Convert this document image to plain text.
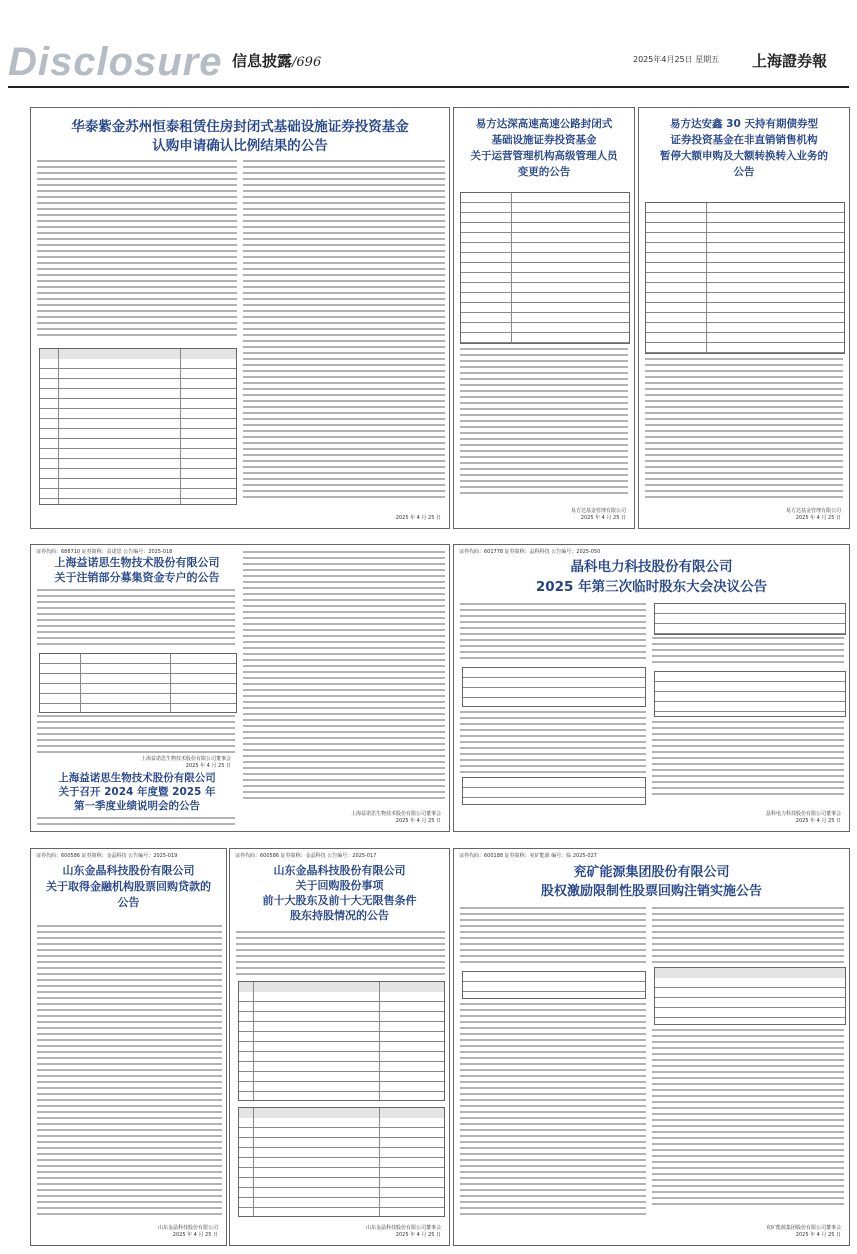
Disclosure 信息披露/696	2025年4月25日 星期五 上海證券報
华泰紫金苏州恒泰租赁住房封闭式基础设施证券投资基金
认购申请确认比例结果的公告
2025 年 4 月 25 日
易方达深高速高速公路封闭式
基础设施证券投资基金
关于运营管理机构高级管理人员
变更的公告
易方达基金管理有限公司
2025 年 4 月 25 日
易方达安鑫 30 天持有期债券型
证券投资基金在非直销销售机构
暂停大额申购及大额转换转入业务的
公告
易方达基金管理有限公司
2025 年 4 月 25 日
证券代码：688710 证券简称：益诺思 公告编号：2025-018
上海益诺思生物技术股份有限公司
关于注销部分募集资金专户的公告
上海益诺思生物技术股份有限公司董事会
2025 年 4 月 25 日
上海益诺思生物技术股份有限公司
关于召开 2024 年度暨 2025 年
第一季度业绩说明会的公告
上海益诺思生物技术股份有限公司董事会
2025 年 4 月 25 日
证券代码：601778 证券简称：晶科科技 公告编号：2025-050
晶科电力科技股份有限公司
2025 年第三次临时股东大会决议公告
晶科电力科技股份有限公司董事会
2025 年 4 月 25 日
证券代码：600586 证券简称：金晶科技 公告编号：2025-019
山东金晶科技股份有限公司
关于取得金融机构股票回购贷款的
公告
山东金晶科技股份有限公司
2025 年 4 月 25 日
证券代码：600586 证券简称：金晶科技 公告编号：2025-017
山东金晶科技股份有限公司
关于回购股份事项
前十大股东及前十大无限售条件
股东持股情况的公告
山东金晶科技股份有限公司董事会
2025 年 4 月 25 日
证券代码：600188 证券简称：兖矿能源 编号：临 2025-027
兖矿能源集团股份有限公司
股权激励限制性股票回购注销实施公告
兖矿能源集团股份有限公司董事会
2025 年 4 月 25 日
